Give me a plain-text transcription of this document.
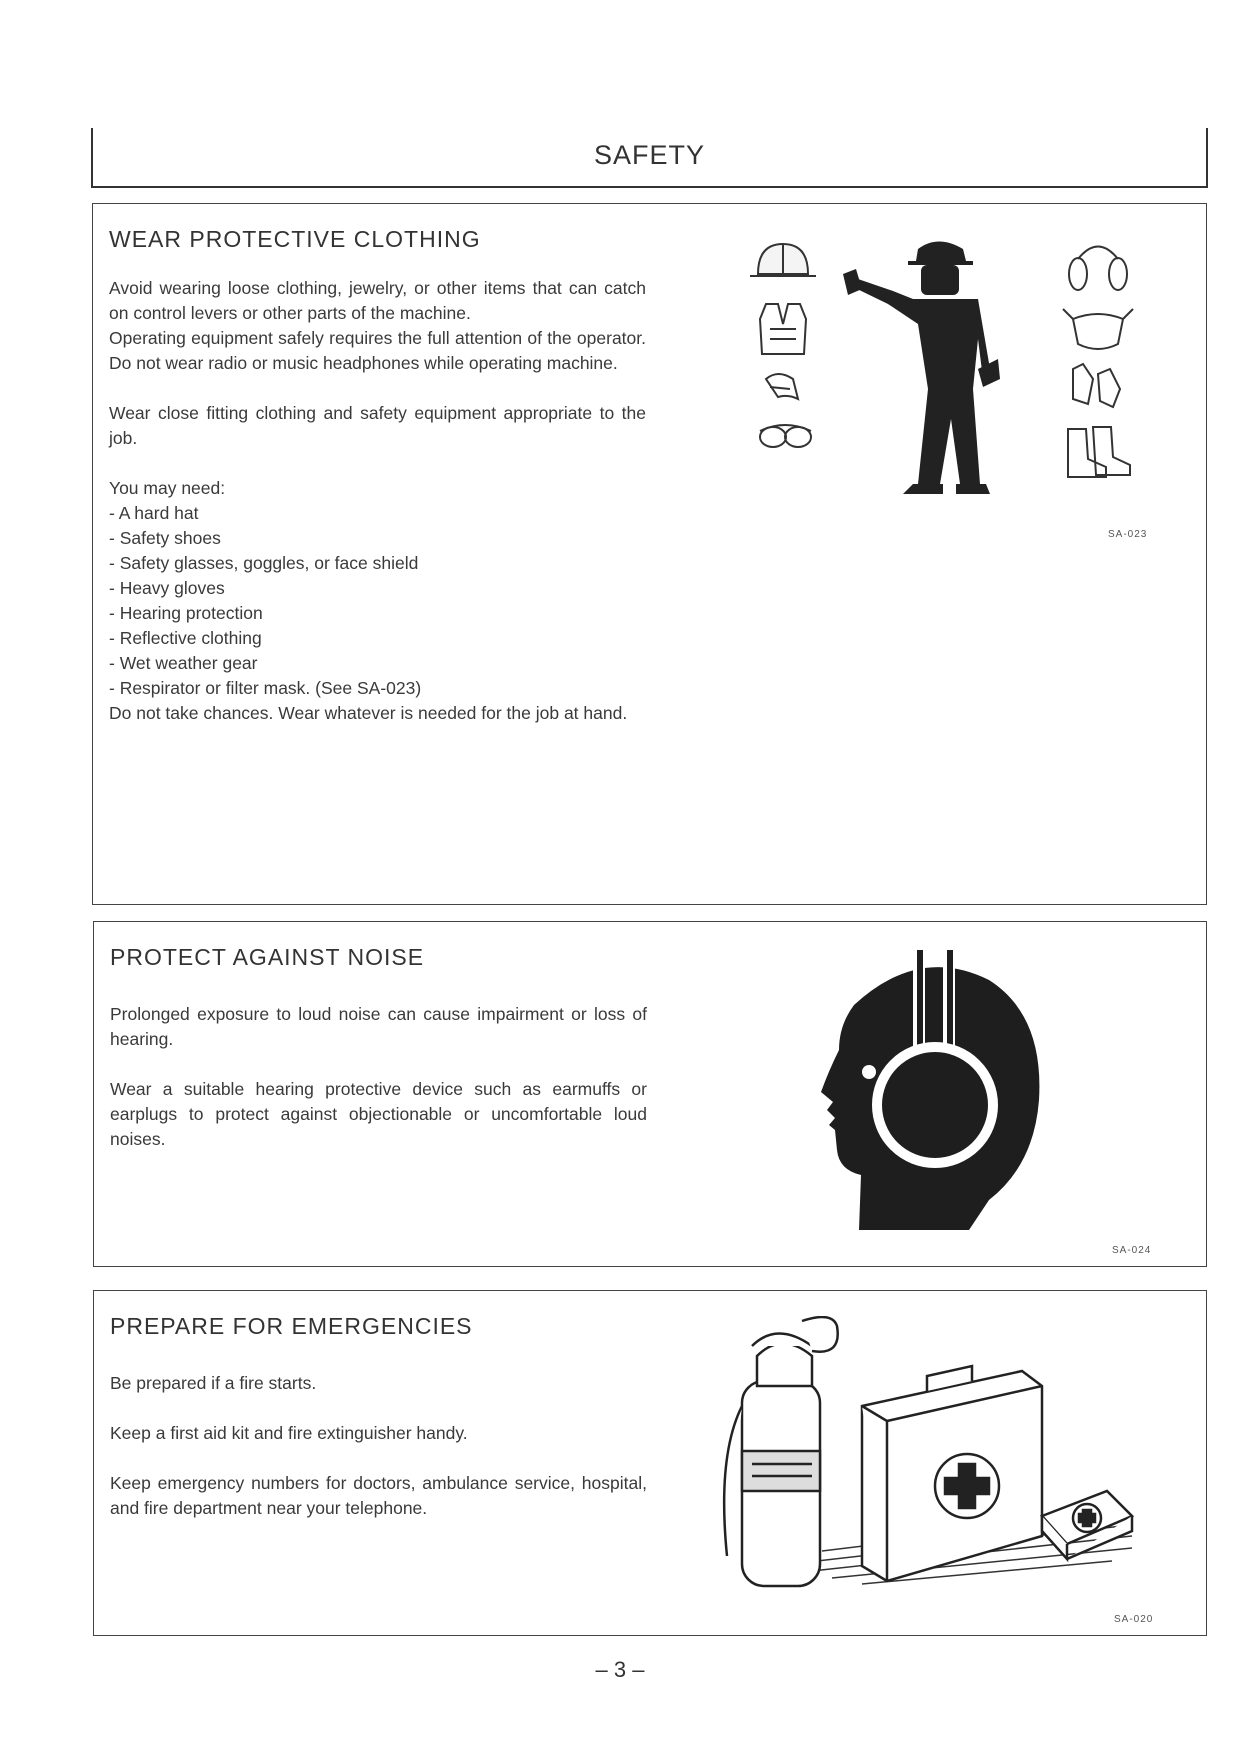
SAFETY
WEAR PROTECTIVE CLOTHING

Avoid wearing loose clothing, jewelry, or other items that can catch on control levers or other parts of the machine.

Operating equipment safely requires the full attention of the operator. Do not wear radio or music headphones while operating machine.

Wear close fitting clothing and safety equipment appropriate to the job.

You may need:

- A hard hat

- Safety shoes

- Safety glasses, goggles, or face shield

- Heavy gloves

- Hearing protection

- Reflective clothing

- Wet weather gear

- Respirator or filter mask. (See SA-023)

Do not take chances. Wear whatever is needed for the job at hand.

SA-023
PROTECT AGAINST NOISE

Prolonged exposure to loud noise can cause impairment or loss of hearing.

Wear a suitable hearing protective device such as earmuffs or earplugs to protect against objectionable or uncomfortable loud noises.

SA-024
PREPARE FOR EMERGENCIES

Be prepared if a fire starts.

Keep a first aid kit and fire extinguisher handy.

Keep emergency numbers for doctors, ambulance service, hospital, and fire department near your telephone.

SA-020
– 3 –
